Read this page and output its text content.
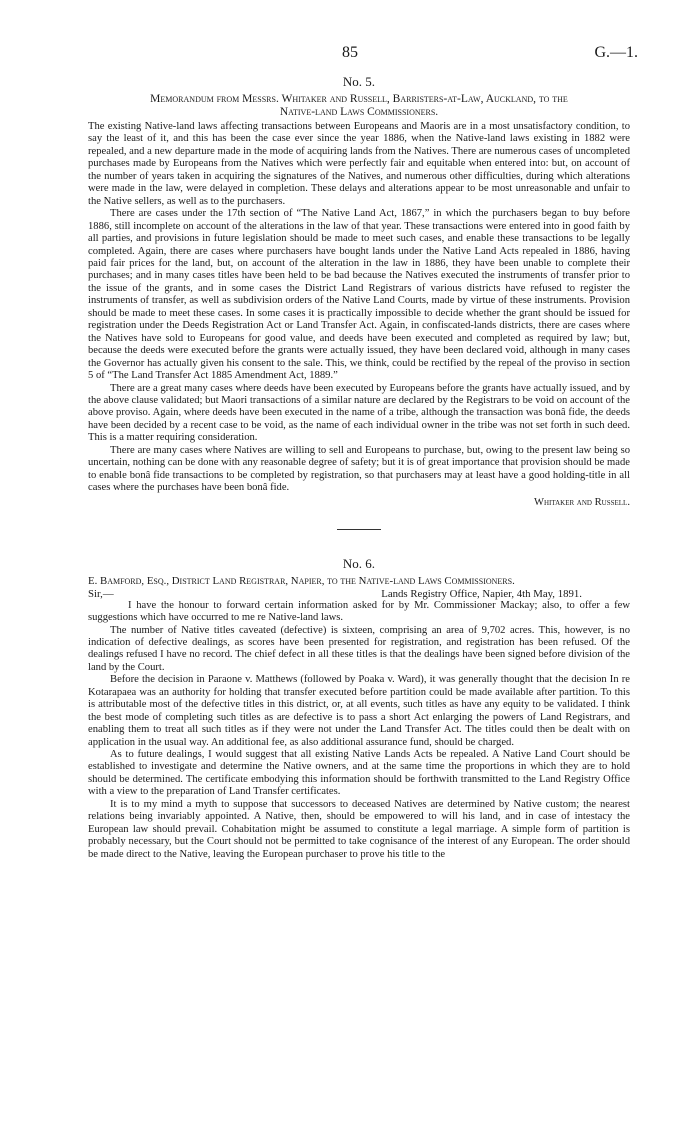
85	G.—1.
No. 5.
Memorandum from Messrs. Whitaker and Russell, Barristers-at-Law, Auckland, to the
Native-land Laws Commissioners.

The existing Native-land laws affecting transactions between Europeans and Maoris are in a most unsatisfactory condition, to say the least of it, and this has been the case ever since the year 1886, when the Native-land laws existing in 1882 were repealed, and a new departure made in the mode of acquiring lands from the Natives. There are numerous cases of uncompleted purchases made by Europeans from the Natives which were perfectly fair and equitable when entered into: but, on account of the number of years taken in acquiring the signatures of the Natives, and numerous other difficulties, during which alterations were made in the law, were delayed in completion. These delays and alterations appear to be most unreasonable and unfair to the Native sellers, as well as to the purchasers.

There are cases under the 17th section of “The Native Land Act, 1867,” in which the purchasers began to buy before 1886, still incomplete on account of the alterations in the law of that year. These transactions were entered into in good faith by all parties, and provisions in future legislation should be made to meet such cases, and enable these transactions to be legally completed. Again, there are cases where purchasers have bought lands under the Native Land Acts repealed in 1886, having paid fair prices for the land, but, on account of the alteration in the law in 1886, they have been unable to complete their purchases; and in many cases titles have been held to be bad because the Natives executed the instruments of transfer prior to the issue of the grants, and in some cases the District Land Registrars of various districts have refused to register the instruments of transfer, as well as subdivision orders of the Native Land Courts, made by virtue of these instruments. Provision should be made to meet these cases. In some cases it is practically impossible to decide whether the grant should be issued for registration under the Deeds Registration Act or Land Transfer Act. Again, in confiscated-lands districts, there are cases where the Natives have sold to Europeans for good value, and deeds have been executed and completed as required by law; but, because the deeds were executed before the grants were actually issued, they have been declared void, although in many cases the Governor has actually given his consent to the sale. This, we think, could be rectified by the repeal of the proviso in section 5 of “The Land Transfer Act 1885 Amendment Act, 1889.”

There are a great many cases where deeds have been executed by Europeans before the grants have actually issued, and by the above clause validated; but Maori transactions of a similar nature are declared by the Registrars to be void on account of the above proviso. Again, where deeds have been executed in the name of a tribe, although the transaction was bonâ fide, the deeds have been decided by a recent case to be void, as the name of each individual owner in the tribe was not set forth in such deed. This is a matter requiring consideration.

There are many cases where Natives are willing to sell and Europeans to purchase, but, owing to the present law being so uncertain, nothing can be done with any reasonable degree of safety; but it is of great importance that provision should be made to enable bonâ fide transactions to be completed by registration, so that purchasers may at least have a good holding-title in all cases where the purchases have been bonâ fide.

Whitaker and Russell.
No. 6.
E. Bamford, Esq., District Land Registrar, Napier, to the Native-land Laws Commissioners.
Sir,—	Lands Registry Office, Napier, 4th May, 1891.

I have the honour to forward certain information asked for by Mr. Commissioner Mackay; also, to offer a few suggestions which have occurred to me re Native-land laws.

The number of Native titles caveated (defective) is sixteen, comprising an area of 9,702 acres. This, however, is no indication of defective dealings, as scores have been presented for registration, and registration has been refused. Of the dealings refused I have no record. The chief defect in all these titles is that the dealings have been signed before division of the land by the Court.

Before the decision in Paraone v. Matthews (followed by Poaka v. Ward), it was generally thought that the decision In re Kotarapaea was an authority for holding that transfer executed before partition could be made available after partition. To this is attributable most of the defective titles in this district, or, at all events, such titles as have any equity to be validated. I think the best mode of completing such titles as are defective is to pass a short Act enlarging the powers of Land Registrars, and enabling them to treat all such titles as if they were not under the Land Transfer Act. The titles could then be dealt with on application in the usual way. An additional fee, as also additional assurance fund, should be charged.

As to future dealings, I would suggest that all existing Native Lands Acts be repealed. A Native Land Court should be established to investigate and determine the Native owners, and at the same time the proportions in which they are to hold should be determined. The certificate embodying this information should be forthwith transmitted to the Land Registry Office with a view to the preparation of Land Transfer certificates.

It is to my mind a myth to suppose that successors to deceased Natives are determined by Native custom; the nearest relations being invariably appointed. A Native, then, should be empowered to will his land, and in case of intestacy the European law should prevail. Cohabitation might be assumed to constitute a legal marriage. A simple form of partition is probably necessary, but the Court should not be permitted to take cognisance of the interest of any European. The order should be made direct to the Native, leaving the European purchaser to prove his title to the
